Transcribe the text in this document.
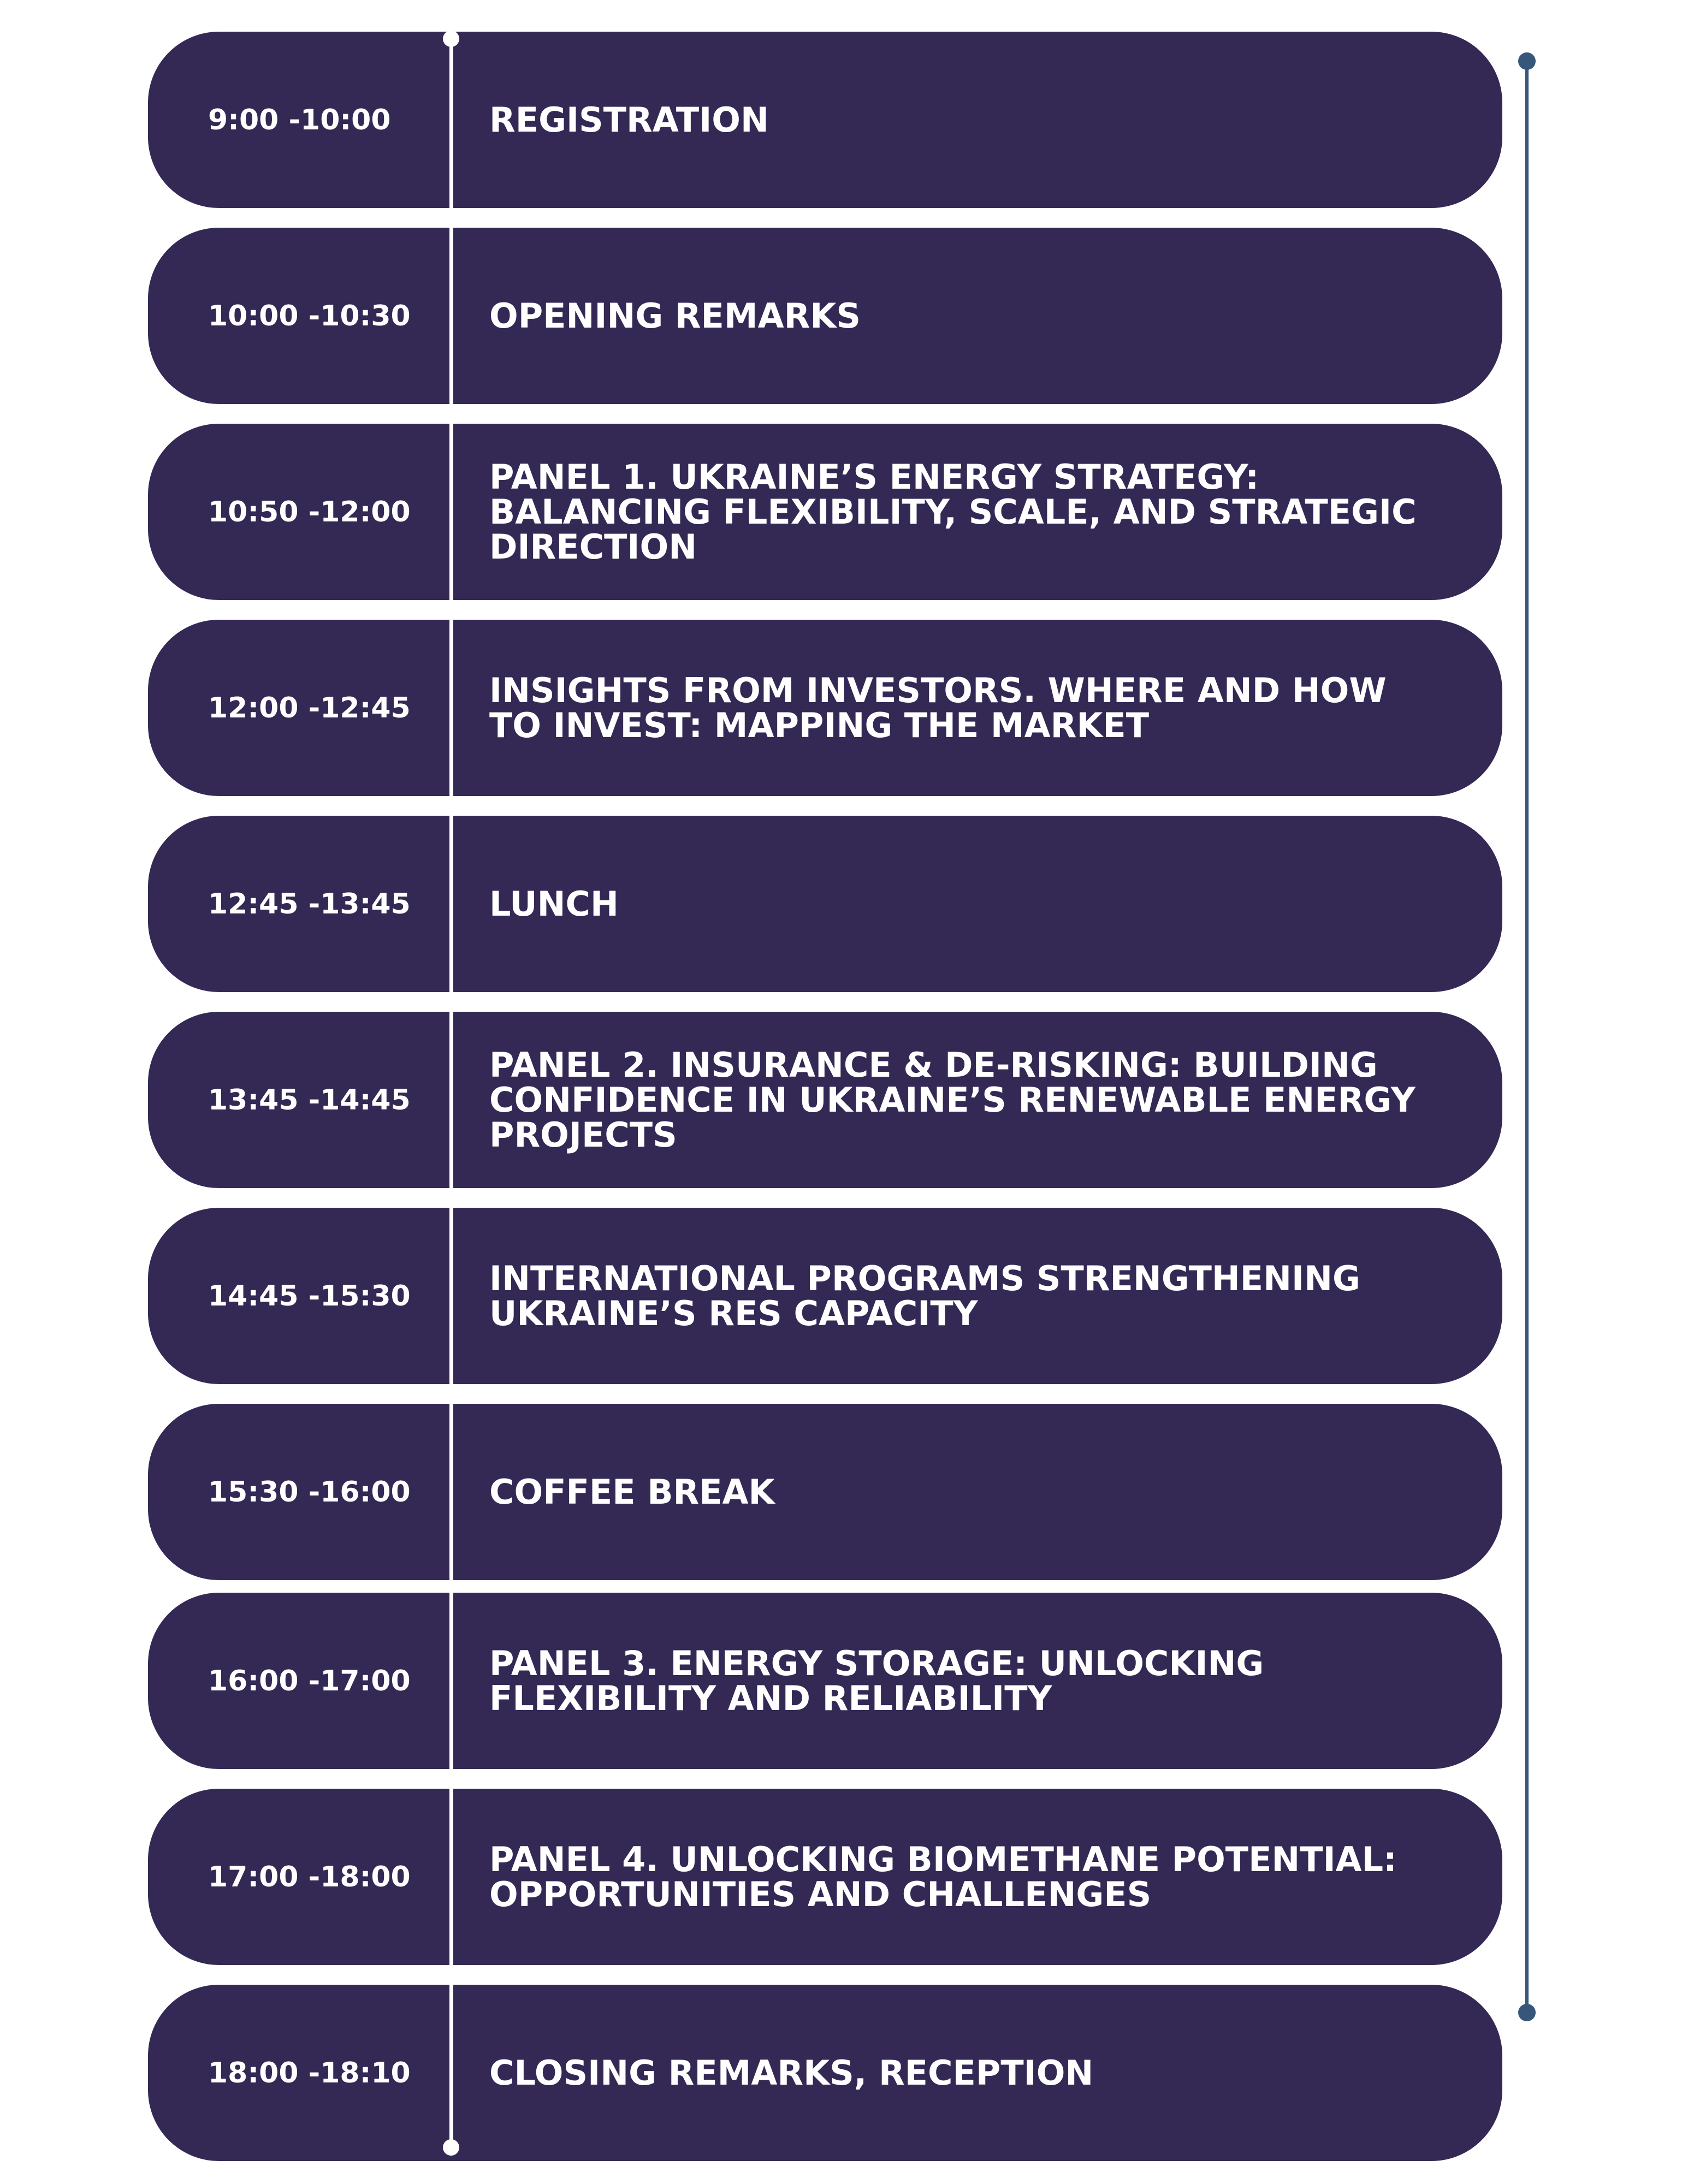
9:00 -10:00	REGISTRATION
10:00 -10:30 OPENING REMARKS
10:50 -12:00
PANEL 1. UKRAINE’S ENERGY STRATEGY: BALANCING FLEXIBILITY, SCALE, AND STRATEGIC DIRECTION
12:00 -12:45 INSIGHTS FROM INVESTORS. WHERE AND HOW TO INVEST: MAPPING THE MARKET
12:45 -13:45 LUNCH
13:45 -14:45
PANEL 2. INSURANCE & DE-RISKING: BUILDING CONFIDENCE IN UKRAINE’S RENEWABLE ENERGY PROJECTS
14:45 -15:30 INTERNATIONAL PROGRAMS STRENGTHENING UKRAINE’S RES CAPACITY
15:30 -16:00 COFFEE BREAK
16:00 -17:00 PANEL 3. ENERGY STORAGE: UNLOCKING FLEXIBILITY AND RELIABILITY
17:00 -18:00 PANEL 4. UNLOCKING BIOMETHANE POTENTIAL: OPPORTUNITIES AND CHALLENGES
18:00 -18:10 CLOSING REMARKS, RECEPTION
